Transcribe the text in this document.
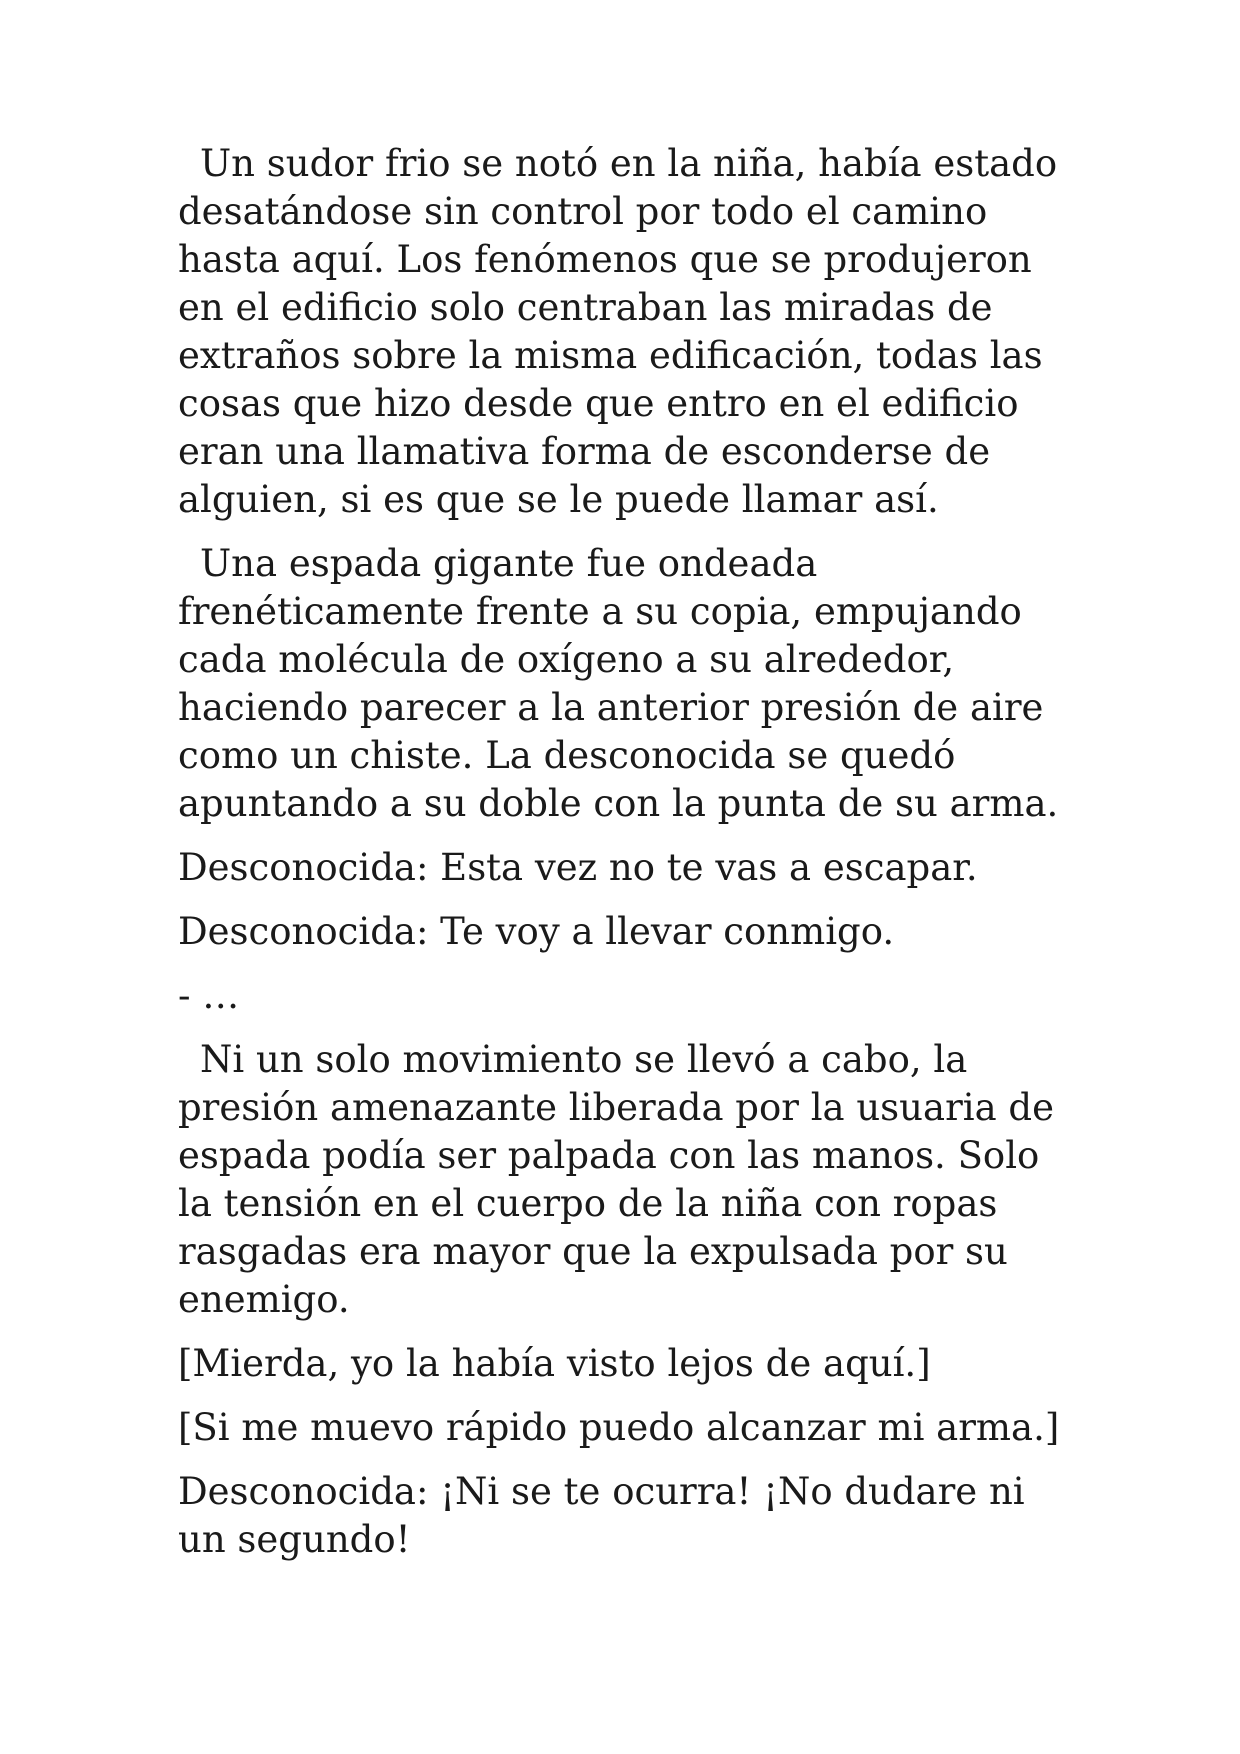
Un sudor frio se notó en la niña, había estado desatándose sin control por todo el camino hasta aquí. Los fenómenos que se produjeron en el edificio solo centraban las miradas de extraños sobre la misma edificación, todas las cosas que hizo desde que entro en el edificio eran una llamativa forma de esconderse de alguien, si es que se le puede llamar así.

Una espada gigante fue ondeada frenéticamente frente a su copia, empujando cada molécula de oxígeno a su alrededor, haciendo parecer a la anterior presión de aire como un chiste. La desconocida se quedó apuntando a su doble con la punta de su arma.

Desconocida: Esta vez no te vas a escapar.

Desconocida: Te voy a llevar conmigo.

- …

Ni un solo movimiento se llevó a cabo, la presión amenazante liberada por la usuaria de espada podía ser palpada con las manos. Solo la tensión en el cuerpo de la niña con ropas rasgadas era mayor que la expulsada por su enemigo.

[Mierda, yo la había visto lejos de aquí.]

[Si me muevo rápido puedo alcanzar mi arma.]

Desconocida: ¡Ni se te ocurra! ¡No dudare ni un segundo!
